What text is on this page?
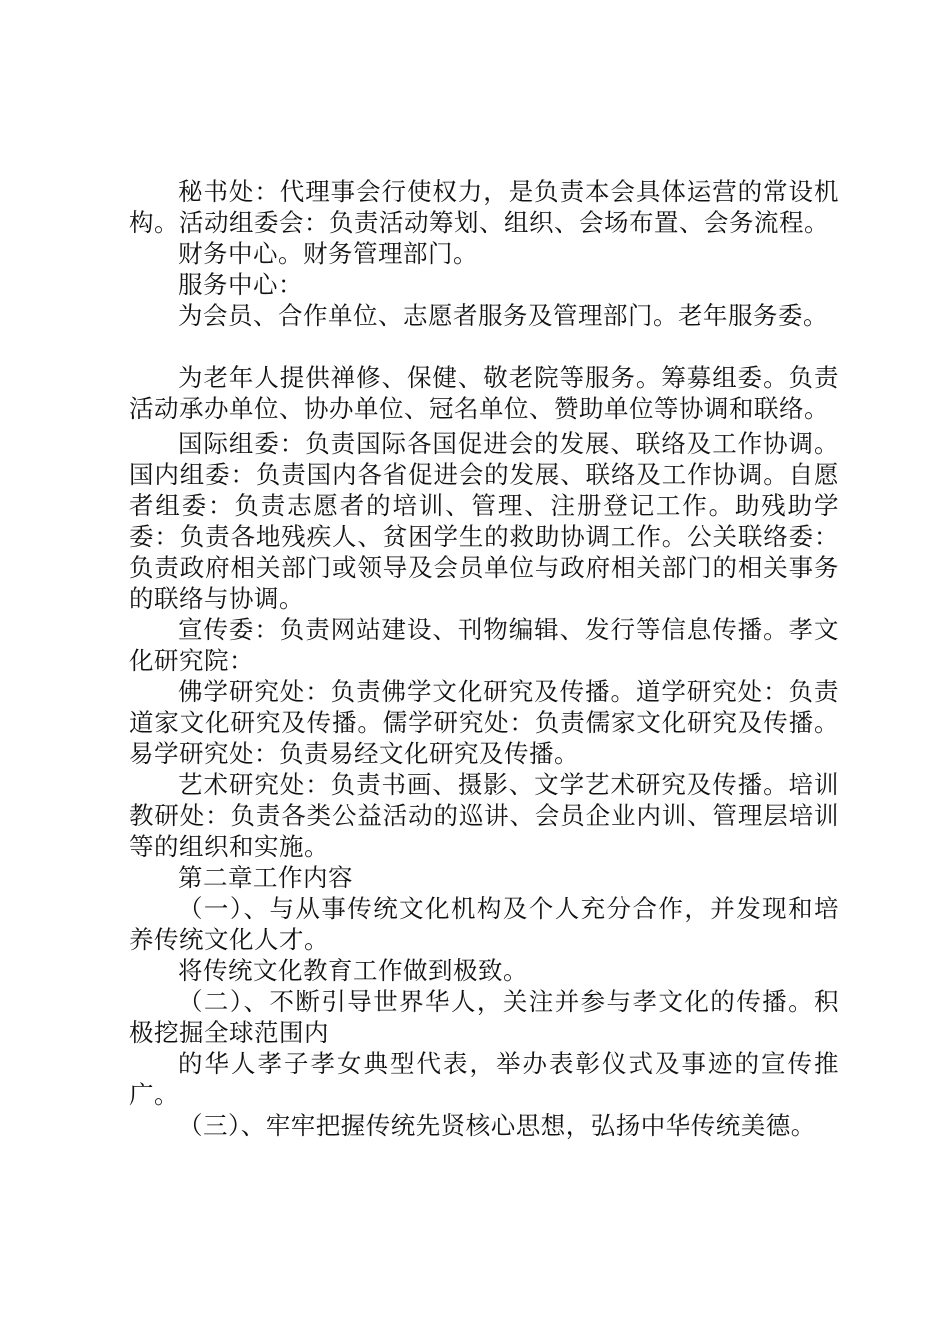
秘书处：代理事会行使权力，是负责本会具体运营的常设机构。活动组委会：负责活动筹划、组织、会场布置、会务流程。

财务中心。财务管理部门。

服务中心：

为会员、合作单位、志愿者服务及管理部门。老年服务委。

为老年人提供禅修、保健、敬老院等服务。筹募组委。负责活动承办单位、协办单位、冠名单位、赞助单位等协调和联络。

国际组委：负责国际各国促进会的发展、联络及工作协调。国内组委：负责国内各省促进会的发展、联络及工作协调。自愿者组委：负责志愿者的培训、管理、注册登记工作。助残助学委：负责各地残疾人、贫困学生的救助协调工作。公关联络委：负责政府相关部门或领导及会员单位与政府相关部门的相关事务的联络与协调。

宣传委：负责网站建设、刊物编辑、发行等信息传播。孝文化研究院：

佛学研究处：负责佛学文化研究及传播。道学研究处：负责道家文化研究及传播。儒学研究处：负责儒家文化研究及传播。易学研究处：负责易经文化研究及传播。

艺术研究处：负责书画、摄影、文学艺术研究及传播。培训教研处：负责各类公益活动的巡讲、会员企业内训、管理层培训等的组织和实施。

第二章工作内容

（一）、与从事传统文化机构及个人充分合作，并发现和培养传统文化人才。

将传统文化教育工作做到极致。

（二）、不断引导世界华人，关注并参与孝文化的传播。积极挖掘全球范围内

的华人孝子孝女典型代表，举办表彰仪式及事迹的宣传推广。

（三）、牢牢把握传统先贤核心思想，弘扬中华传统美德。
